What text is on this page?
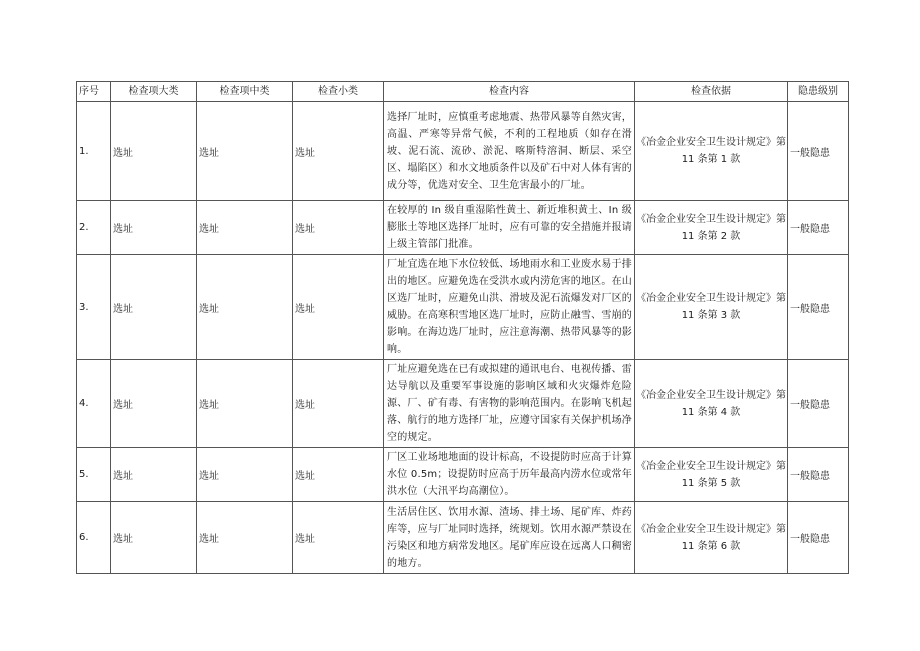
序号	检查项大类	检查项中类	检查小类	检查内容	检查依据	隐患级别
1.	选址	选址	选址	选择厂址时，应慎重考虑地震、热带风暴等自然灾害，高温、严寒等异常气候，不利的工程地质（如存在滑坡、泥石流、流砂、淤泥、喀斯特溶洞、断层、采空区、塌陷区）和水文地质条件以及矿石中对人体有害的成分等，优选对安全、卫生危害最小的厂址。	《冶金企业安全卫生设计规定》第 11 条第 1 款	一般隐患
2.	选址	选址	选址	在较厚的 In 级自重湿陷性黄土、新近堆积黄土、In 级膨胀土等地区选择厂址时，应有可靠的安全措施并报请上级主管部门批准。	《冶金企业安全卫生设计规定》第 11 条第 2 款	一般隐患
3.	选址	选址	选址	厂址宜选在地下水位较低、场地雨水和工业废水易于排出的地区。应避免选在受洪水或内涝危害的地区。在山区选厂址时，应避免山洪、滑坡及泥石流爆发对厂区的威胁。在高寒积雪地区选厂址时，应防止融雪、雪崩的影响。在海边选厂址时，应注意海潮、热带风暴等的影响。	《冶金企业安全卫生设计规定》第 11 条第 3 款	一般隐患
4.	选址	选址	选址	厂址应避免选在已有或拟建的通讯电台、电视传播、雷达导航以及重要军事设施的影响区域和火灾爆炸危险源、厂、矿有毒、有害物的影响范围内。在影响飞机起落、航行的地方选择厂址，应遵守国家有关保护机场净空的规定。	《冶金企业安全卫生设计规定》第 11 条第 4 款	一般隐患
5.	选址	选址	选址	厂区工业场地地面的设计标高，不设提防时应高于计算水位 0.5m；设提防时应高于历年最高内涝水位或常年洪水位（大汛平均高潮位）。	《冶金企业安全卫生设计规定》第 11 条第 5 款	一般隐患
6.	选址	选址	选址	生活居住区、饮用水源、渣场、排土场、尾矿库、炸药库等，应与厂址同时选择，统规划。饮用水源严禁设在污染区和地方病常发地区。尾矿库应设在远离人口稠密的地方。	《冶金企业安全卫生设计规定》第 11 条第 6 款	一般隐患
